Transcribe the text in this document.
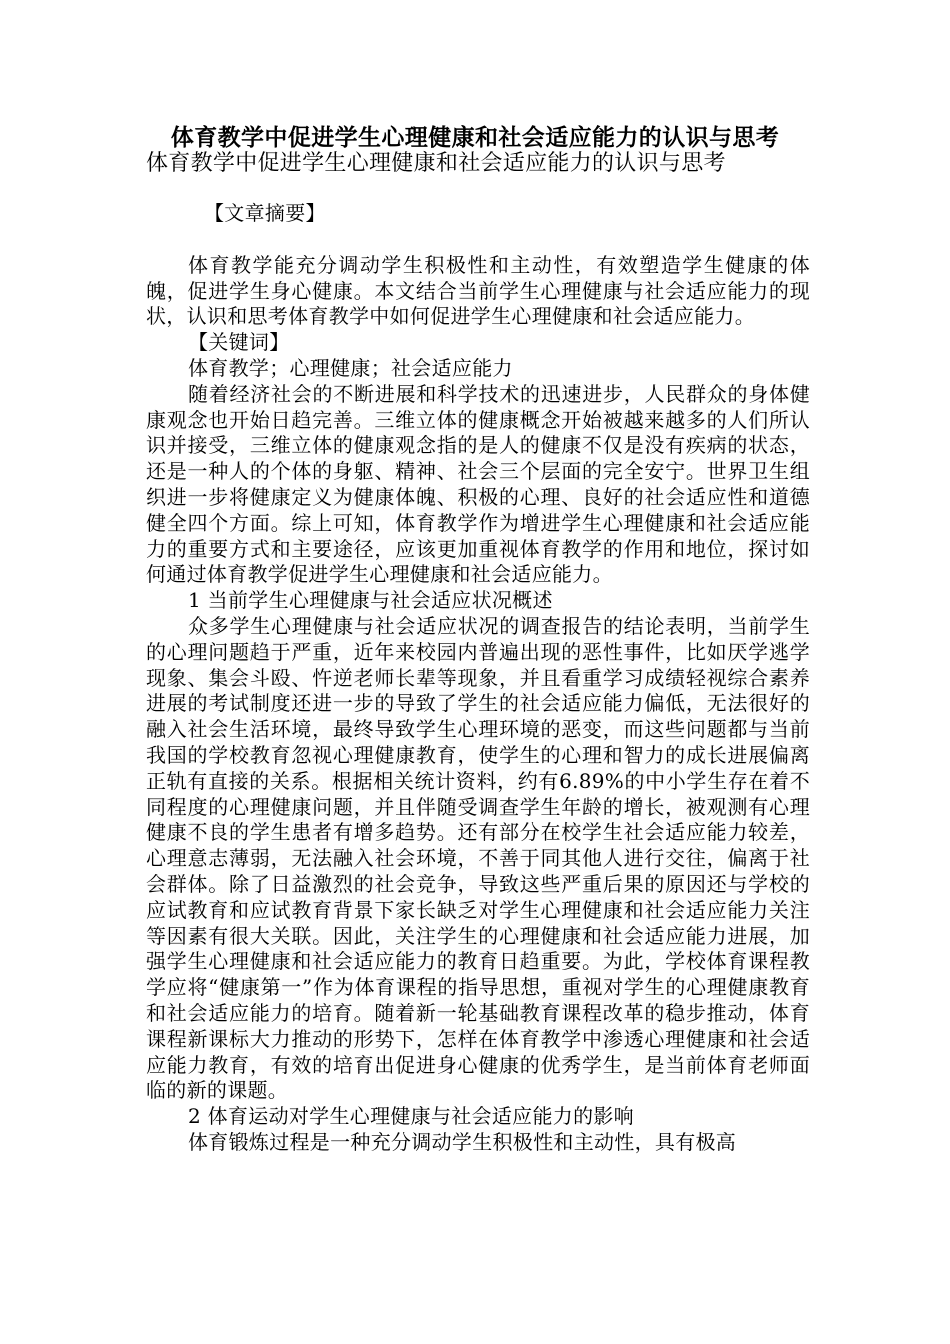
体育教学中促进学生心理健康和社会适应能力的认识与思考

体育教学中促进学生心理健康和社会适应能力的认识与思考

【文章摘要】

体育教学能充分调动学生积极性和主动性，有效塑造学生健康的体魄，促进学生身心健康。本文结合当前学生心理健康与社会适应能力的现状，认识和思考体育教学中如何促进学生心理健康和社会适应能力。

【关键词】

体育教学；心理健康；社会适应能力

随着经济社会的不断进展和科学技术的迅速进步，人民群众的身体健康观念也开始日趋完善。三维立体的健康概念开始被越来越多的人们所认识并接受，三维立体的健康观念指的是人的健康不仅是没有疾病的状态，还是一种人的个体的身躯、精神、社会三个层面的完全安宁。世界卫生组织进一步将健康定义为健康体魄、积极的心理、良好的社会适应性和道德健全四个方面。综上可知，体育教学作为增进学生心理健康和社会适应能力的重要方式和主要途径，应该更加重视体育教学的作用和地位，探讨如何通过体育教学促进学生心理健康和社会适应能力。

1 当前学生心理健康与社会适应状况概述

众多学生心理健康与社会适应状况的调查报告的结论表明，当前学生的心理问题趋于严重，近年来校园内普遍出现的恶性事件，比如厌学逃学现象、集会斗殴、忤逆老师长辈等现象，并且看重学习成绩轻视综合素养进展的考试制度还进一步的导致了学生的社会适应能力偏低，无法很好的融入社会生活环境，最终导致学生心理环境的恶变，而这些问题都与当前我国的学校教育忽视心理健康教育，使学生的心理和智力的成长进展偏离正轨有直接的关系。根据相关统计资料，约有6.89%的中小学生存在着不同程度的心理健康问题，并且伴随受调查学生年龄的增长，被观测有心理健康不良的学生患者有增多趋势。还有部分在校学生社会适应能力较差，心理意志薄弱，无法融入社会环境，不善于同其他人进行交往，偏离于社会群体。除了日益激烈的社会竞争，导致这些严重后果的原因还与学校的应试教育和应试教育背景下家长缺乏对学生心理健康和社会适应能力关注等因素有很大关联。因此，关注学生的心理健康和社会适应能力进展，加强学生心理健康和社会适应能力的教育日趋重要。为此，学校体育课程教学应将“健康第一”作为体育课程的指导思想，重视对学生的心理健康教育和社会适应能力的培育。随着新一轮基础教育课程改革的稳步推动，体育课程新课标大力推动的形势下，怎样在体育教学中渗透心理健康和社会适应能力教育，有效的培育出促进身心健康的优秀学生，是当前体育老师面临的新的课题。

2 体育运动对学生心理健康与社会适应能力的影响

体育锻炼过程是一种充分调动学生积极性和主动性，具有极高
